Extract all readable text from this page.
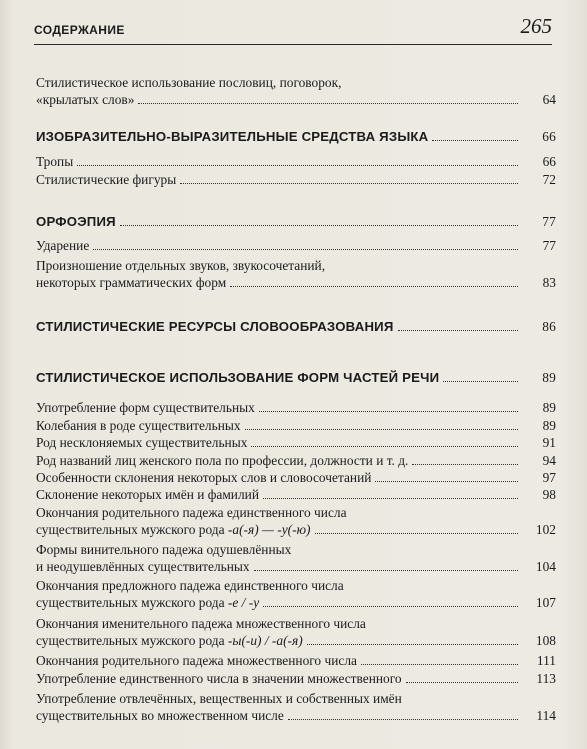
СОДЕРЖАНИЕ	265
Стилистическое использование пословиц, поговорок,
«крылатых слов»	64
ИЗОБРАЗИТЕЛЬНО-ВЫРАЗИТЕЛЬНЫЕ СРЕДСТВА ЯЗЫКА	66
Тропы	66
Стилистические фигуры	72
ОРФОЭПИЯ	77
Ударение	77
Произношение отдельных звуков, звукосочетаний,
некоторых грамматических форм	83
СТИЛИСТИЧЕСКИЕ РЕСУРСЫ СЛОВООБРАЗОВАНИЯ	86
СТИЛИСТИЧЕСКОЕ ИСПОЛЬЗОВАНИЕ ФОРМ ЧАСТЕЙ РЕЧИ	89
Употребление форм существительных	89
Колебания в роде существительных	89
Род несклоняемых существительных	91
Род названий лиц женского пола по профессии, должности и т. д.	94
Особенности склонения некоторых слов и словосочетаний	97
Склонение некоторых имён и фамилий	98
Окончания родительного падежа единственного числа
существительных мужского рода -а(-я) — -у(-ю)	102
Формы винительного падежа одушевлённых
и неодушевлённых существительных	104
Окончания предложного падежа единственного числа
существительных мужского рода -е / -у	107
Окончания именительного падежа множественного числа
существительных мужского рода -ы(-и) / -а(-я)	108
Окончания родительного падежа множественного числа	111
Употребление единственного числа в значении множественного	113
Употребление отвлечённых, вещественных и собственных имён
существительных во множественном числе	114
